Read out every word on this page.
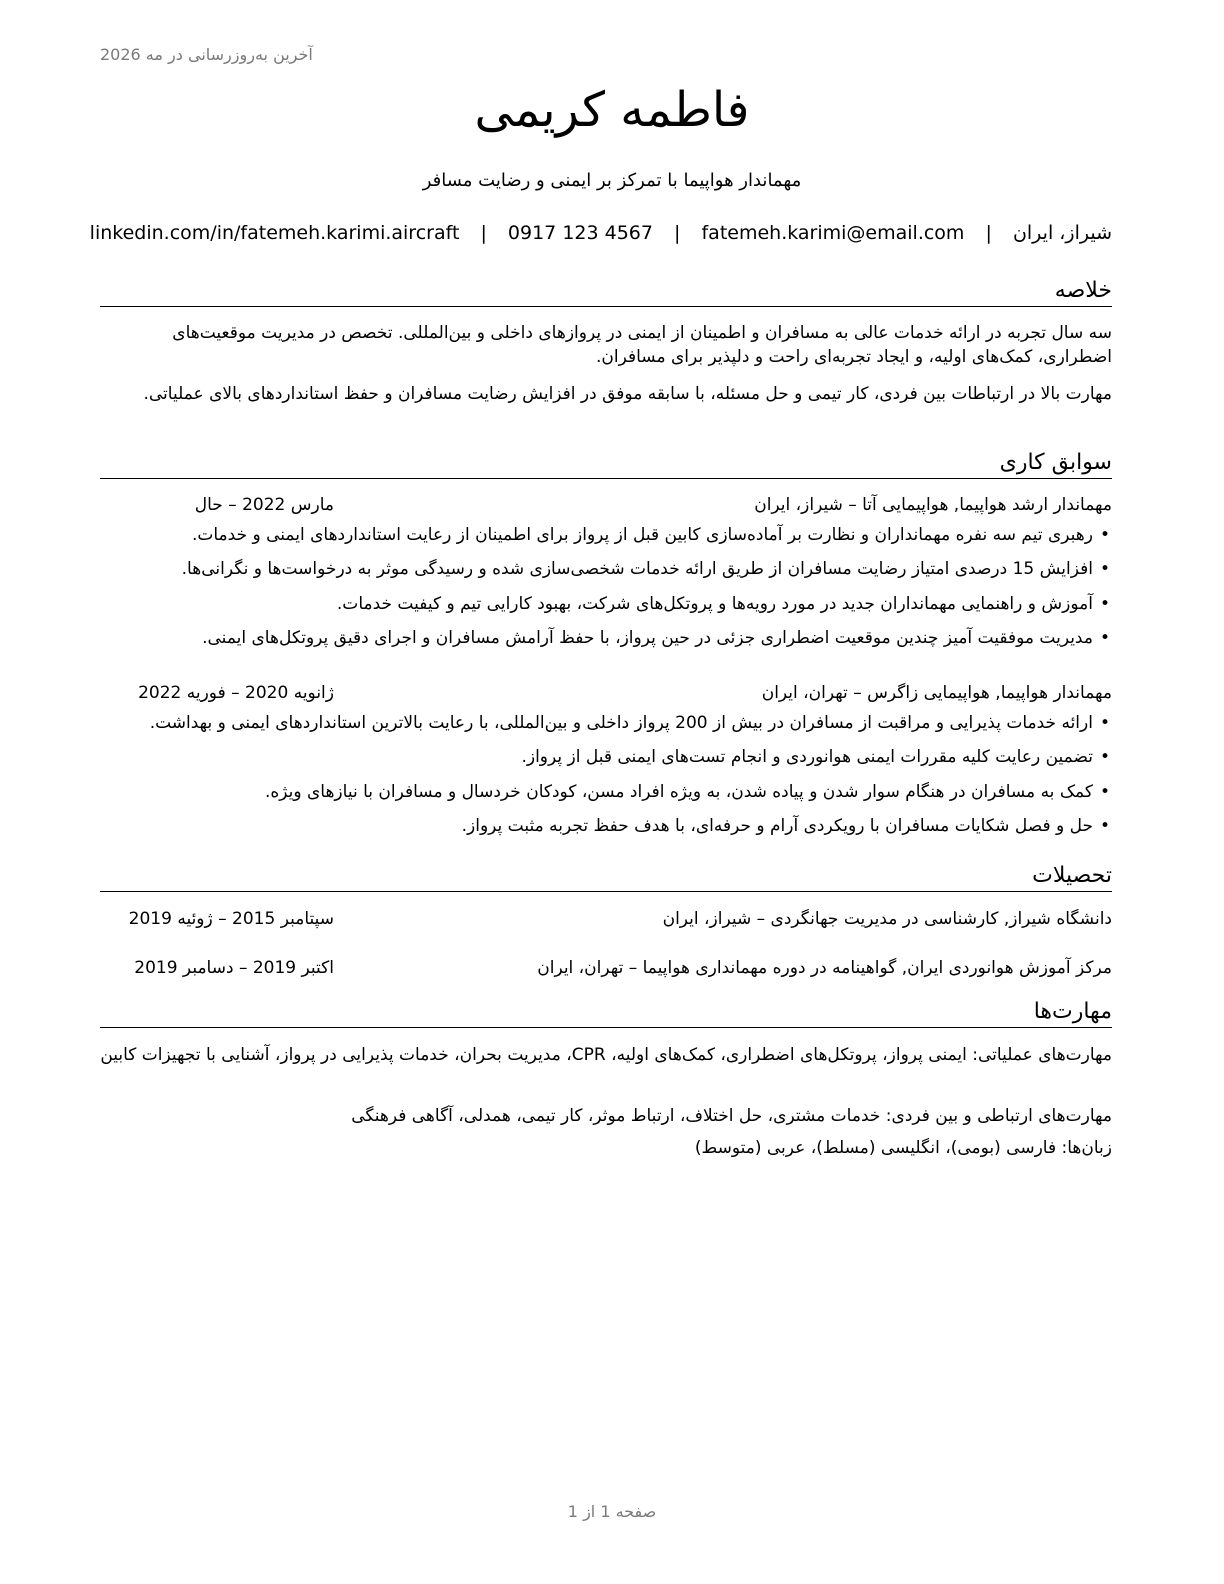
آخرین به‌روزرسانی در مه 2026
فاطمه کریمی
مهماندار هواپیما با تمرکز بر ایمنی و رضایت مسافر
شیراز، ایران | fatemeh.karimi@email.com | 0917 123 4567 | linkedin.com/in/fatemeh.karimi.aircraft
خلاصه

سه سال تجربه در ارائه خدمات عالی به مسافران و اطمینان از ایمنی در پروازهای داخلی و بین‌المللی. تخصص در مدیریت موقعیت‌های اضطراری، کمک‌های اولیه، و ایجاد تجربه‌ای راحت و دلپذیر برای مسافران.

مهارت بالا در ارتباطات بین فردی، کار تیمی و حل مسئله، با سابقه موفق در افزایش رضایت مسافران و حفظ استانداردهای بالای عملیاتی.

سوابق کاری
مهماندار ارشد هواپیما, هواپیمایی آتا – شیراز، ایران
مارس 2022 – حال
•رهبری تیم سه نفره مهمانداران و نظارت بر آماده‌سازی کابین قبل از پرواز برای اطمینان از رعایت استانداردهای ایمنی و خدمات.
•افزایش 15 درصدی امتیاز رضایت مسافران از طریق ارائه خدمات شخصی‌سازی شده و رسیدگی موثر به درخواست‌ها و نگرانی‌ها.
•آموزش و راهنمایی مهمانداران جدید در مورد رویه‌ها و پروتکل‌های شرکت، بهبود کارایی تیم و کیفیت خدمات.
•مدیریت موفقیت آمیز چندین موقعیت اضطراری جزئی در حین پرواز، با حفظ آرامش مسافران و اجرای دقیق پروتکل‌های ایمنی.
مهماندار هواپیما, هواپیمایی زاگرس – تهران، ایران
ژانویه 2020 – فوریه 2022
•ارائه خدمات پذیرایی و مراقبت از مسافران در بیش از 200 پرواز داخلی و بین‌المللی، با رعایت بالاترین استانداردهای ایمنی و بهداشت.
•تضمین رعایت کلیه مقررات ایمنی هوانوردی و انجام تست‌های ایمنی قبل از پرواز.
•کمک به مسافران در هنگام سوار شدن و پیاده شدن، به ویژه افراد مسن، کودکان خردسال و مسافران با نیازهای ویژه.
•حل و فصل شکایات مسافران با رویکردی آرام و حرفه‌ای، با هدف حفظ تجربه مثبت پرواز.
تحصیلات
دانشگاه شیراز, کارشناسی در مدیریت جهانگردی – شیراز، ایران
سپتامبر 2015 – ژوئیه 2019
مرکز آموزش هوانوردی ایران, گواهینامه در دوره مهمانداری هواپیما – تهران، ایران
اکتبر 2019 – دسامبر 2019
مهارت‌ها

مهارت‌های عملیاتی: ایمنی پرواز، پروتکل‌های اضطراری، کمک‌های اولیه، CPR، مدیریت بحران، خدمات پذیرایی در پرواز، آشنایی با تجهیزات کابین

مهارت‌های ارتباطی و بین فردی: خدمات مشتری، حل اختلاف، ارتباط موثر، کار تیمی، همدلی، آگاهی فرهنگی

زبان‌ها: فارسی (بومی)، انگلیسی (مسلط)، عربی (متوسط)

صفحه 1 از 1
